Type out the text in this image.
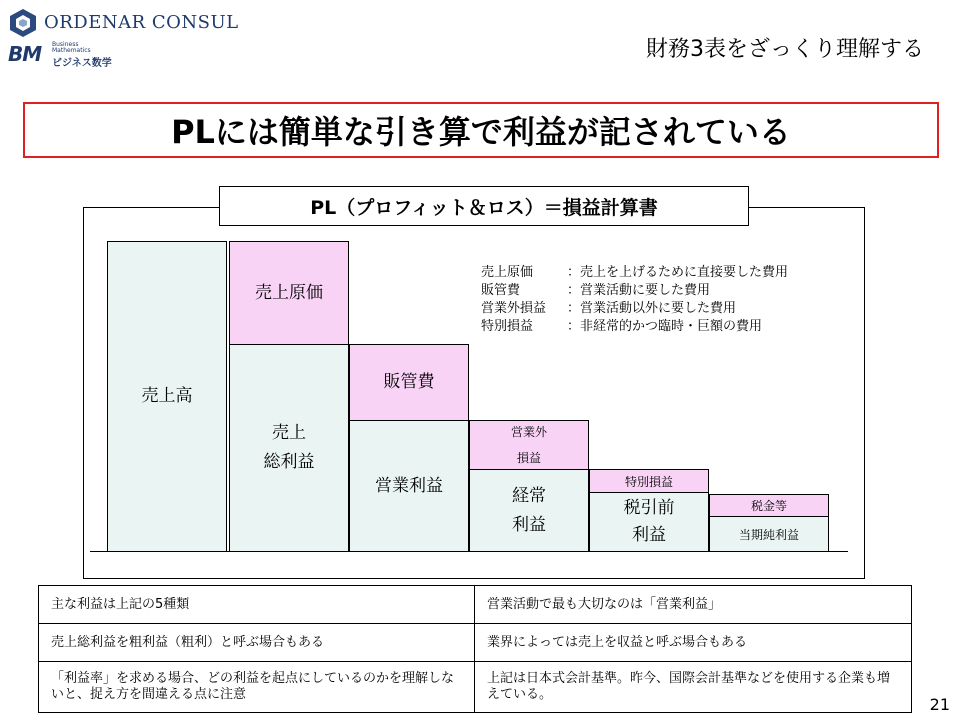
ORDENAR CONSUL
BM Business
Mathematics
ビジネス数学
財務3表をざっくり理解する
PLには簡単な引き算で利益が記されている
PL（プロフィット＆ロス）＝損益計算書
売上高
売上原価
売上
総利益
販管費
営業利益
営業外
損益
経常
利益
特別損益
税引前
利益
税金等
当期純利益
売上原価	：売上を上げるために直接要した費用
販管費	：営業活動に要した費用
営業外損益	：営業活動以外に要した費用
特別損益	：非経常的かつ臨時・巨額の費用
主な利益は上記の5種類	営業活動で最も大切なのは「営業利益」
売上総利益を粗利益（粗利）と呼ぶ場合もある	業界によっては売上を収益と呼ぶ場合もある
「利益率」を求める場合、どの利益を起点にしているのかを理解しないと、捉え方を間違える点に注意	上記は日本式会計基準。昨今、国際会計基準などを使用する企業も増えている。
21
